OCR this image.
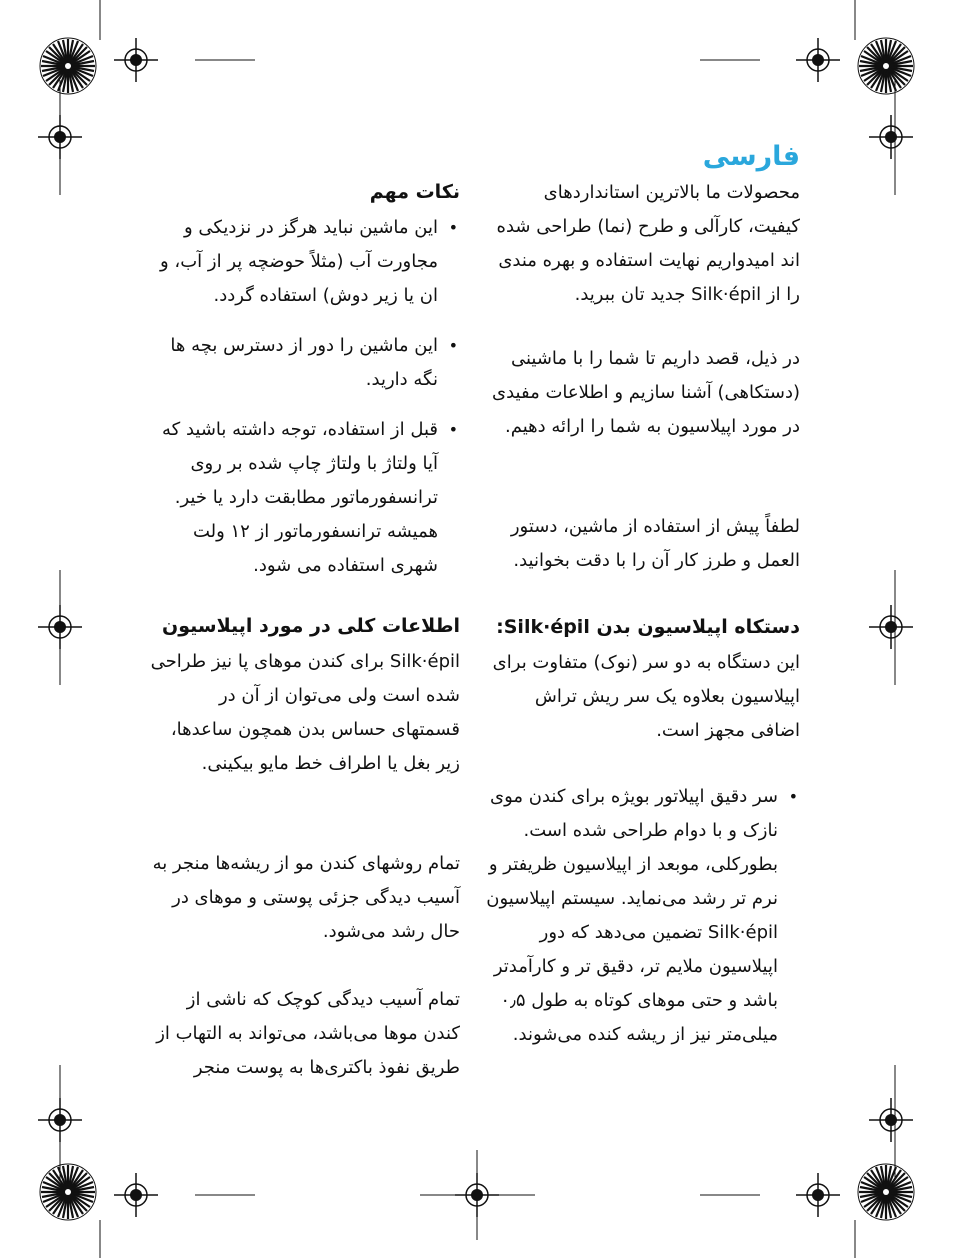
فارسی

محصولات ما بالاترین استانداردهای کیفیت، کارآلی و طرح (نما) طراحی شده اند امیدواریم نهایت استفاده و بهره مندی را از Silk·épil جدید تان ببرید.

در ذیل، قصد داریم تا شما را با ماشینی (دستکاهی) آشنا سازیم و اطلاعات مفیدی در مورد اپیلاسیون به شما را ارائه دهیم.

لطفاً پیش از استفاده از ماشین، دستور العمل و طرز کار آن را با دقت بخوانید.

دستکاه اپیلاسیون بدن Silk·épil:

این دستگاه به دو سر (نوک) متفاوت برای اپیلاسیون بعلاوه یک سر ریش تراش اضافی مجهز است.

• سر دقیق اپیلاتور بویژه برای کندن موی نازک و با دوام طراحی شده است. بطورکلی، موبعد از اپیلاسیون ظریفتر و نرم تر رشد می‌نماید. سیستم اپیلاسیون Silk·épil تضمین می‌دهد که دور اپیلاسیون ملایم تر، دقیق تر و کارآمدتر باشد و حتی موهای کوتاه به طول ۰٫۵ میلی‌متر نیز از ریشه کنده می‌شوند.
نکات مهم
• این ماشین نباید هرگز در نزدیکی و مجاورت آب (مثلاً حوضچه پر از آب، و ان یا زیر دوش) استفاده گردد.
• این ماشین را دور از دسترس بچه ها نگه دارید.
• قبل از استفاده، توجه داشته باشید که آیا ولتاژ با ولتاژ چاپ شده بر روی ترانسفورماتور مطابقت دارد یا خیر. همیشه ترانسفورماتور از ۱۲ ولت شهری استفاده می شود.
اطلاعات کلی در مورد اپیلاسیون

Silk·épil برای کندن موهای پا نیز طراحی شده است ولی می‌توان از آن در قسمتهای حساس بدن همچون ساعدها، زیر بغل یا اطراف خط مایو بیکینی.

تمام روشهای کندن مو از ریشه‌ها منجر به آسیب دیدگی جزئی پوستی و موهای در حال رشد می‌شود.

تمام آسیب دیدگی کوچک که ناشی از کندن موها می‌باشد، می‌تواند به التهاب از طریق نفوذ باکتری‌ها به پوست منجر
